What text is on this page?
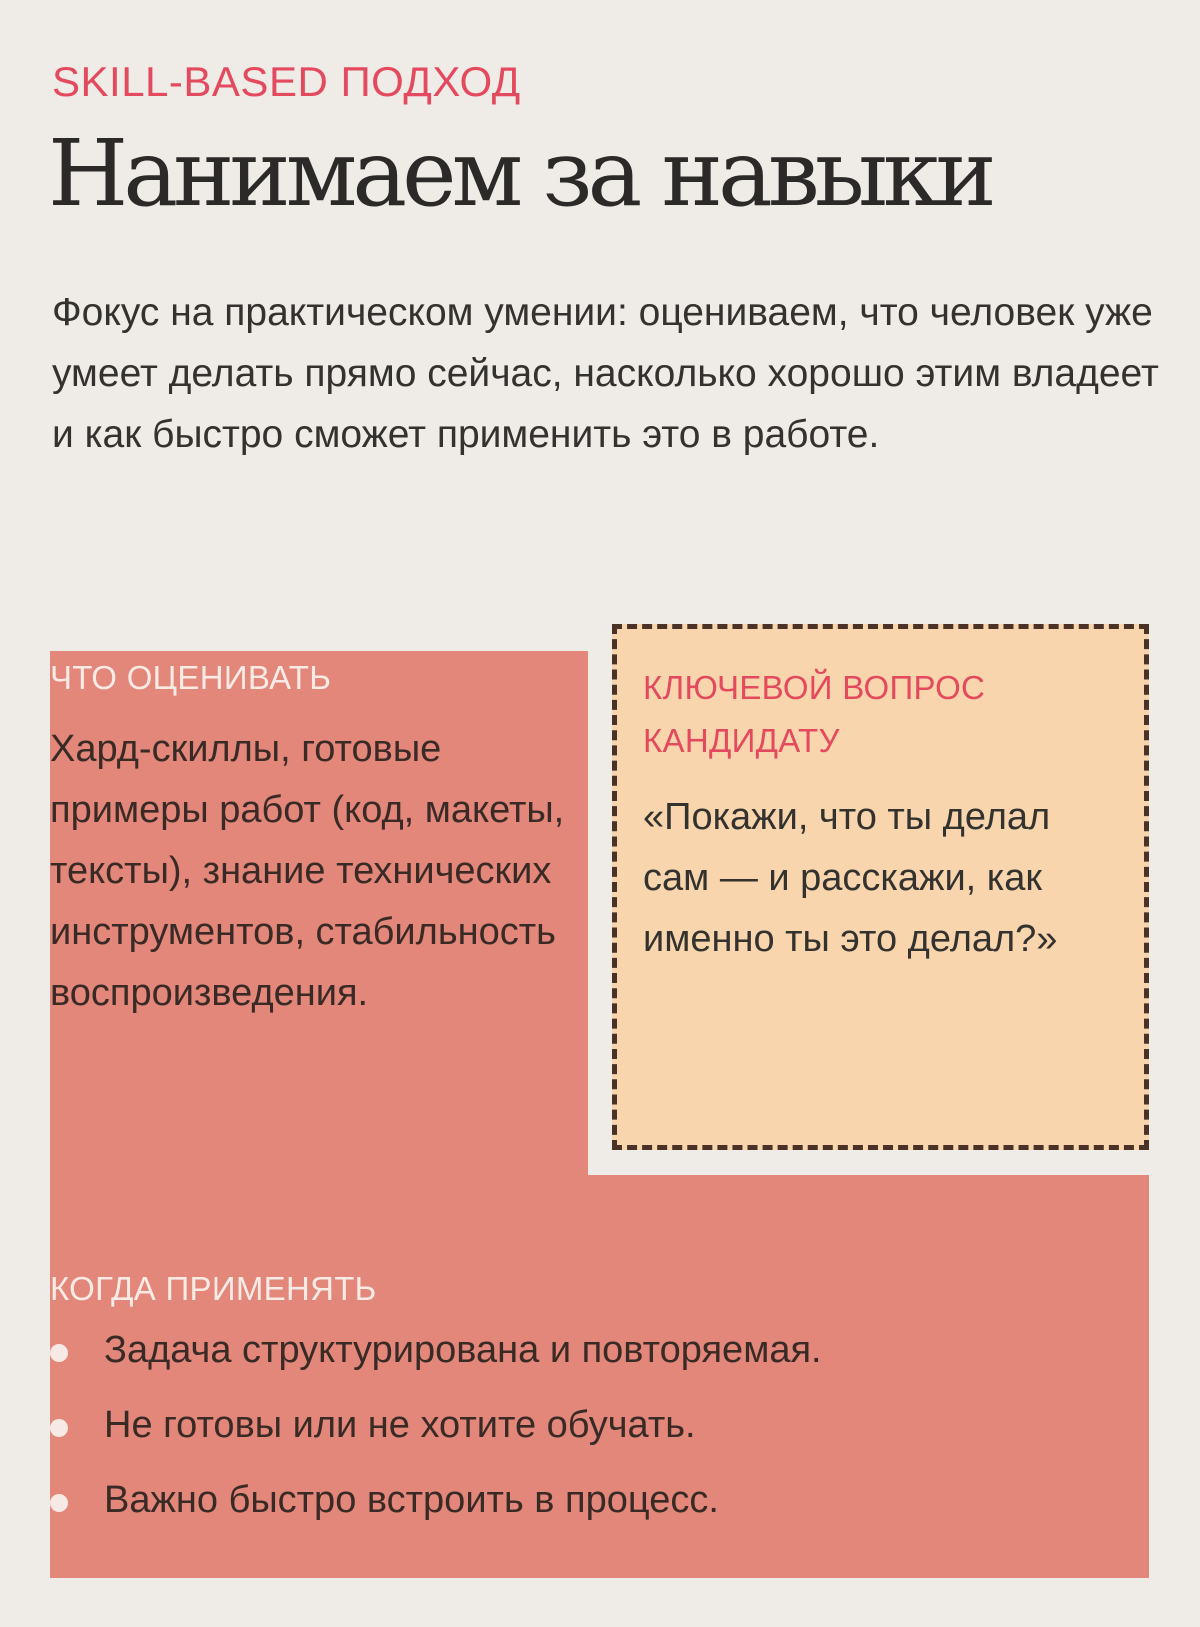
SKILL-BASED ПОДХОД
Нанимаем за навыки
Фокус на практическом умении: оцениваем, что человек уже умеет делать прямо сейчас, насколько хорошо этим владеет и как быстро сможет применить это в работе.
ЧТО ОЦЕНИВАТЬ
Хард-скиллы, готовые примеры работ (код, макеты, тексты), знание технических инструментов, стабильность воспроизведения.
КЛЮЧЕВОЙ ВОПРОС КАНДИДАТУ
«Покажи, что ты делал сам — и расскажи, как именно ты это делал?»
КОГДА ПРИМЕНЯТЬ
Задача структурирована и повторяемая.
Не готовы или не хотите обучать.
Важно быстро встроить в процесс.
